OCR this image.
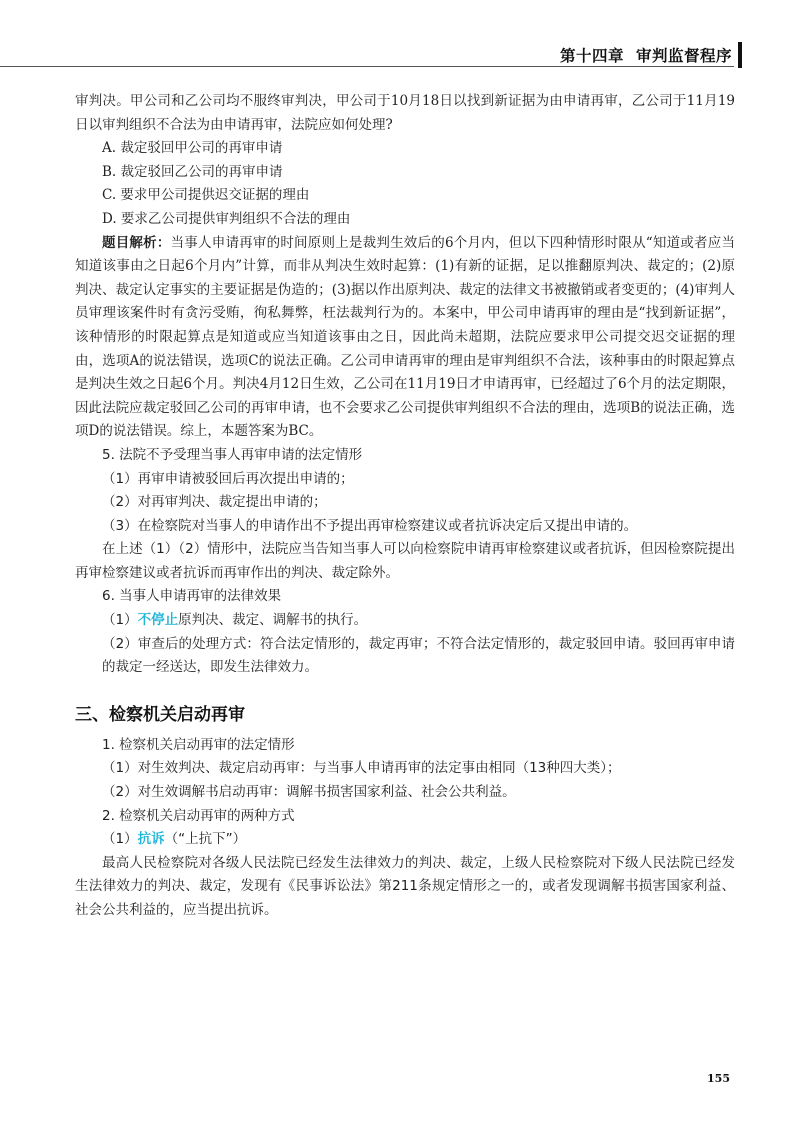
第十四章 审判监督程序

审判决。甲公司和乙公司均不服终审判决，甲公司于10月18日以找到新证据为由申请再审，乙公司于11月19日以审判组织不合法为由申请再审，法院应如何处理?

A. 裁定驳回甲公司的再审申请

B. 裁定驳回乙公司的再审申请

C. 要求甲公司提供迟交证据的理由

D. 要求乙公司提供审判组织不合法的理由

题目解析：当事人申请再审的时间原则上是裁判生效后的6个月内，但以下四种情形时限从“知道或者应当知道该事由之日起6个月内”计算，而非从判决生效时起算：(1)有新的证据，足以推翻原判决、裁定的；(2)原判决、裁定认定事实的主要证据是伪造的；(3)据以作出原判决、裁定的法律文书被撤销或者变更的；(4)审判人员审理该案件时有贪污受贿，徇私舞弊，枉法裁判行为的。本案中，甲公司申请再审的理由是“找到新证据”，该种情形的时限起算点是知道或应当知道该事由之日，因此尚未超期，法院应要求甲公司提交迟交证据的理由，选项A的说法错误，选项C的说法正确。乙公司申请再审的理由是审判组织不合法，该种事由的时限起算点是判决生效之日起6个月。判决4月12日生效，乙公司在11月19日才申请再审，已经超过了6个月的法定期限，因此法院应裁定驳回乙公司的再审申请，也不会要求乙公司提供审判组织不合法的理由，选项B的说法正确，选项D的说法错误。综上，本题答案为BC。

5. 法院不予受理当事人再审申请的法定情形

（1）再审申请被驳回后再次提出申请的；

（2）对再审判决、裁定提出申请的；

（3）在检察院对当事人的申请作出不予提出再审检察建议或者抗诉决定后又提出申请的。

在上述（1）（2）情形中，法院应当告知当事人可以向检察院申请再审检察建议或者抗诉，但因检察院提出再审检察建议或者抗诉而再审作出的判决、裁定除外。

6. 当事人申请再审的法律效果

（1）不停止原判决、裁定、调解书的执行。

（2）审查后的处理方式：符合法定情形的，裁定再审；不符合法定情形的，裁定驳回申请。驳回再审申请的裁定一经送达，即发生法律效力。

三、检察机关启动再审

1. 检察机关启动再审的法定情形

（1）对生效判决、裁定启动再审：与当事人申请再审的法定事由相同（13种四大类）；

（2）对生效调解书启动再审：调解书损害国家利益、社会公共利益。

2. 检察机关启动再审的两种方式

（1）抗诉（“上抗下”）

最高人民检察院对各级人民法院已经发生法律效力的判决、裁定，上级人民检察院对下级人民法院已经发生法律效力的判决、裁定，发现有《民事诉讼法》第211条规定情形之一的，或者发现调解书损害国家利益、社会公共利益的，应当提出抗诉。

155
